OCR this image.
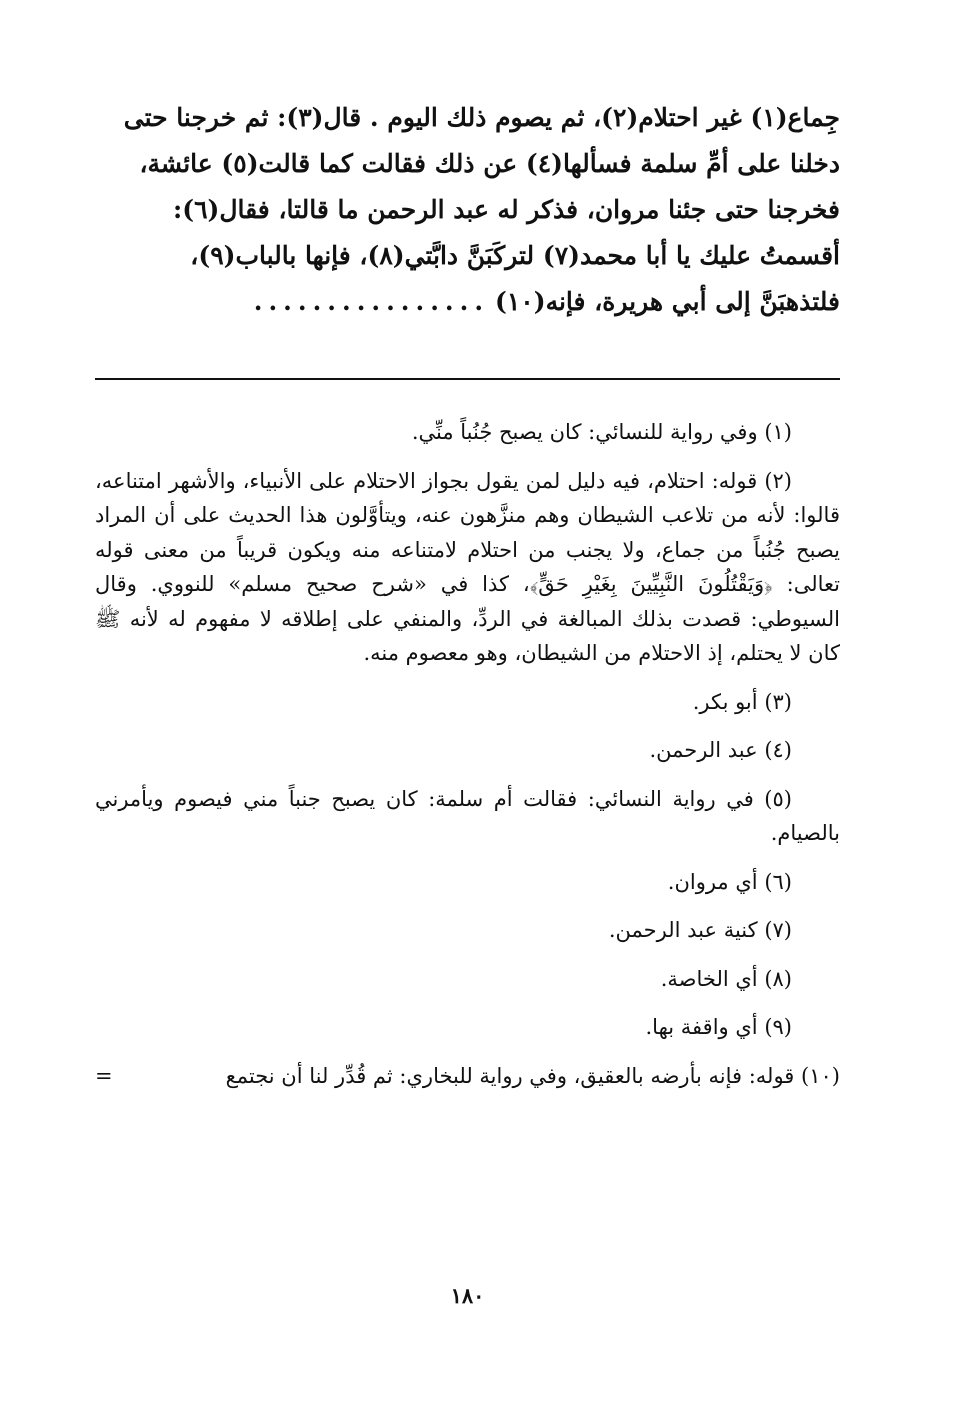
جِماع(١) غير احتلام(٢)، ثم يصوم ذلك اليوم . قال(٣): ثم خرجنا حتى

دخلنا على أمِّ سلمة فسألها(٤) عن ذلك فقالت كما قالت(٥) عائشة،

فخرجنا حتى جئنا مروان، فذكر له عبد الرحمن ما قالتا، فقال(٦):

أقسمتُ عليك يا أبا محمد(٧) لتركَبَنَّ دابَّتي(٨)، فإنها بالباب(٩)،

فلتذهبَنَّ إلى أبي هريرة، فإنه(١٠)................

(١) وفي رواية للنسائي: كان يصبح جُنُباً منِّي.

(٢) قوله: احتلام، فيه دليل لمن يقول بجواز الاحتلام على الأنبياء، والأشهر امتناعه، قالوا: لأنه من تلاعب الشيطان وهم منزَّهون عنه، ويتأوَّلون هذا الحديث على أن المراد يصبح جُنُباً من جماع، ولا يجنب من احتلام لامتناعه منه ويكون قريباً من معنى قوله تعالى: ﴿وَيَقْتُلُونَ النَّبِيِّينَ بِغَيْرِ حَقٍّ﴾، كذا في «شرح صحيح مسلم» للنووي. وقال السيوطي: قصدت بذلك المبالغة في الردِّ، والمنفي على إطلاقه لا مفهوم له لأنه ﷺ كان لا يحتلم، إذ الاحتلام من الشيطان، وهو معصوم منه.

(٣) أبو بكر.

(٤) عبد الرحمن.

(٥) في رواية النسائي: فقالت أم سلمة: كان يصبح جنباً مني فيصوم ويأمرني بالصيام.

(٦) أي مروان.

(٧) كنية عبد الرحمن.

(٨) أي الخاصة.

(٩) أي واقفة بها.

(١٠) قوله: فإنه بأرضه بالعقيق، وفي رواية للبخاري: ثم قُدِّر لنا أن نجتمع
=

١٨٠
